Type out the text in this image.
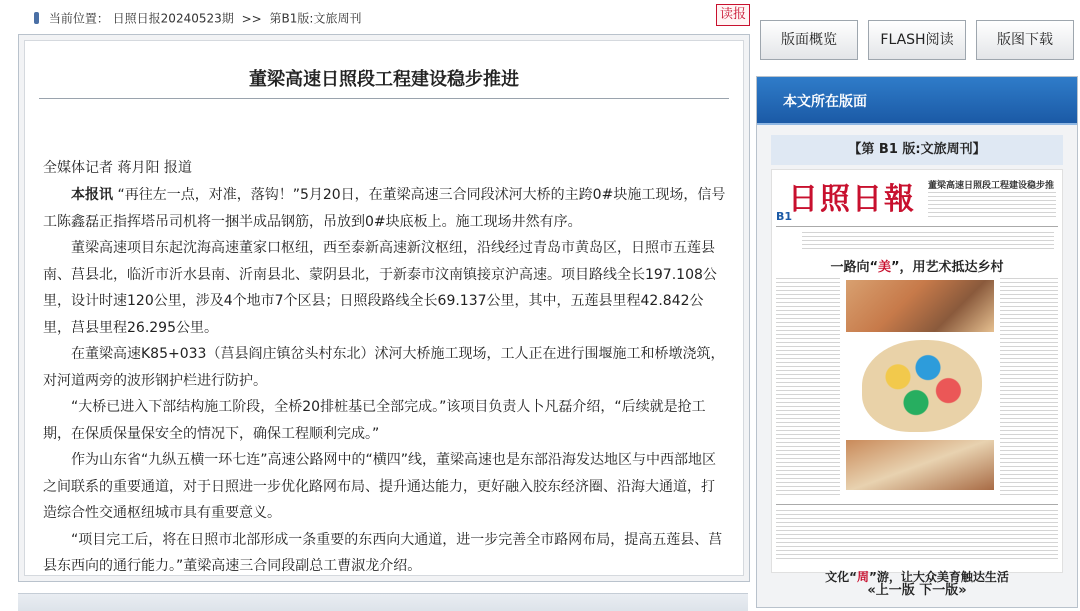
当前位置： 日照日报20240523期 >> 第B1版:文旅周刊	读报
董梁高速日照段工程建设稳步推进
全媒体记者 蒋月阳 报道

本报讯 “再往左一点，对准，落钩！”5月20日，在董梁高速三合同段沭河大桥的主跨0#块施工现场，信号工陈鑫磊正指挥塔吊司机将一捆半成品钢筋，吊放到0#块底板上。施工现场井然有序。

董梁高速项目东起沈海高速董家口枢纽，西至泰新高速新汶枢纽，沿线经过青岛市黄岛区，日照市五莲县南、莒县北，临沂市沂水县南、沂南县北、蒙阴县北，于新泰市汶南镇接京沪高速。项目路线全长197.108公里，设计时速120公里，涉及4个地市7个区县；日照段路线全长69.137公里，其中，五莲县里程42.842公里，莒县里程26.295公里。

在董梁高速K85+033（莒县阎庄镇岔头村东北）沭河大桥施工现场，工人正在进行围堰施工和桥墩浇筑，对河道两旁的波形钢护栏进行防护。

“大桥已进入下部结构施工阶段，全桥20排桩基已全部完成。”该项目负责人卜凡磊介绍，“后续就是抢工期，在保质保量保安全的情况下，确保工程顺利完成。”

作为山东省“九纵五横一环七连”高速公路网中的“横四”线，董梁高速也是东部沿海发达地区与中西部地区之间联系的重要通道，对于日照进一步优化路网布局、提升通达能力，更好融入胶东经济圈、沿海大通道，打造综合性交通枢纽城市具有重要意义。

“项目完工后，将在日照市北部形成一条重要的东西向大通道，进一步完善全市路网布局，提高五莲县、莒县东西向的通行能力。”董梁高速三合同段副总工曹淑龙介绍。

版面概览	FLASH阅读	版图下载
本文所在版面
【第 B1 版:文旅周刊】
日照日報 董梁高速日照段工程建设稳步推
B1
一路向“美”，用艺术抵达乡村
文化“周”游，让大众美育触达生活
«上一版 下一版»
